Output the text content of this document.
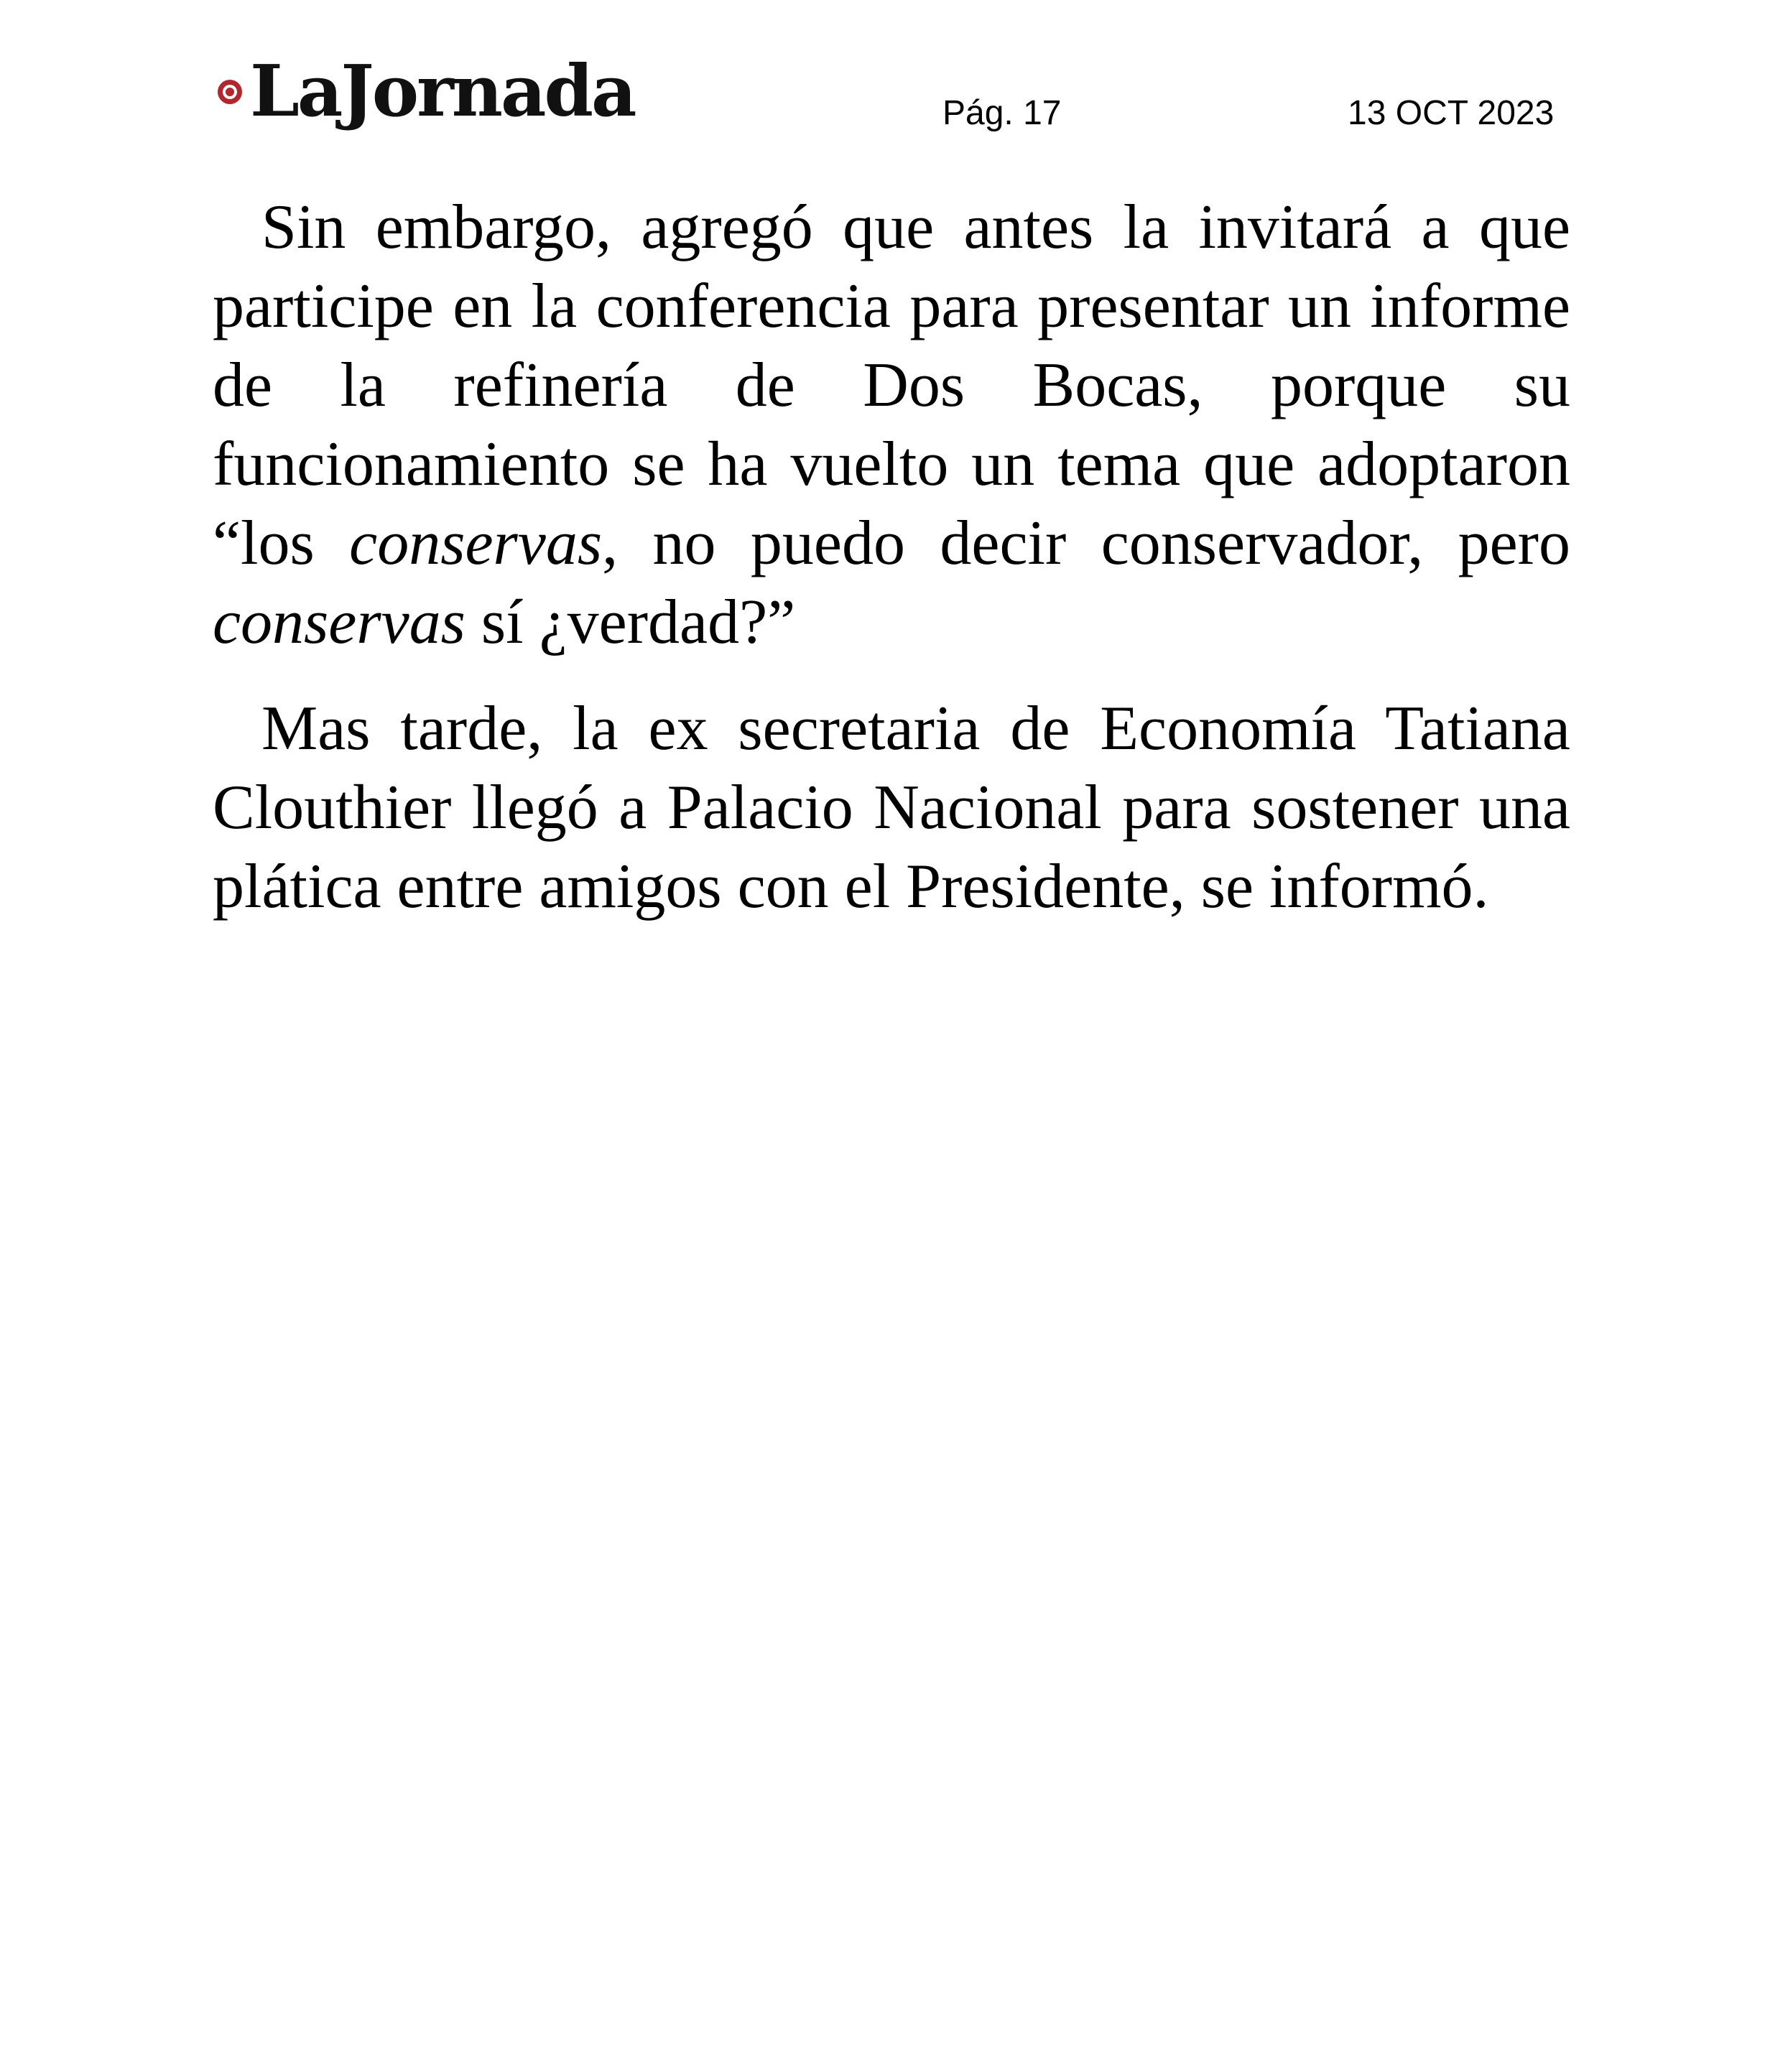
LaJornada	Pág. 17	13 OCT 2023

Sin embargo, agregó que antes la invitará a que participe en la conferencia para presentar un informe de la refinería de Dos Bocas, porque su funcionamiento se ha vuelto un tema que adoptaron “los conservas, no puedo decir conservador, pero conservas sí ¿verdad?”

Mas tarde, la ex secretaria de Economía Tatiana Clouthier llegó a Palacio Nacional para sostener una plática entre amigos con el Presidente, se informó.
